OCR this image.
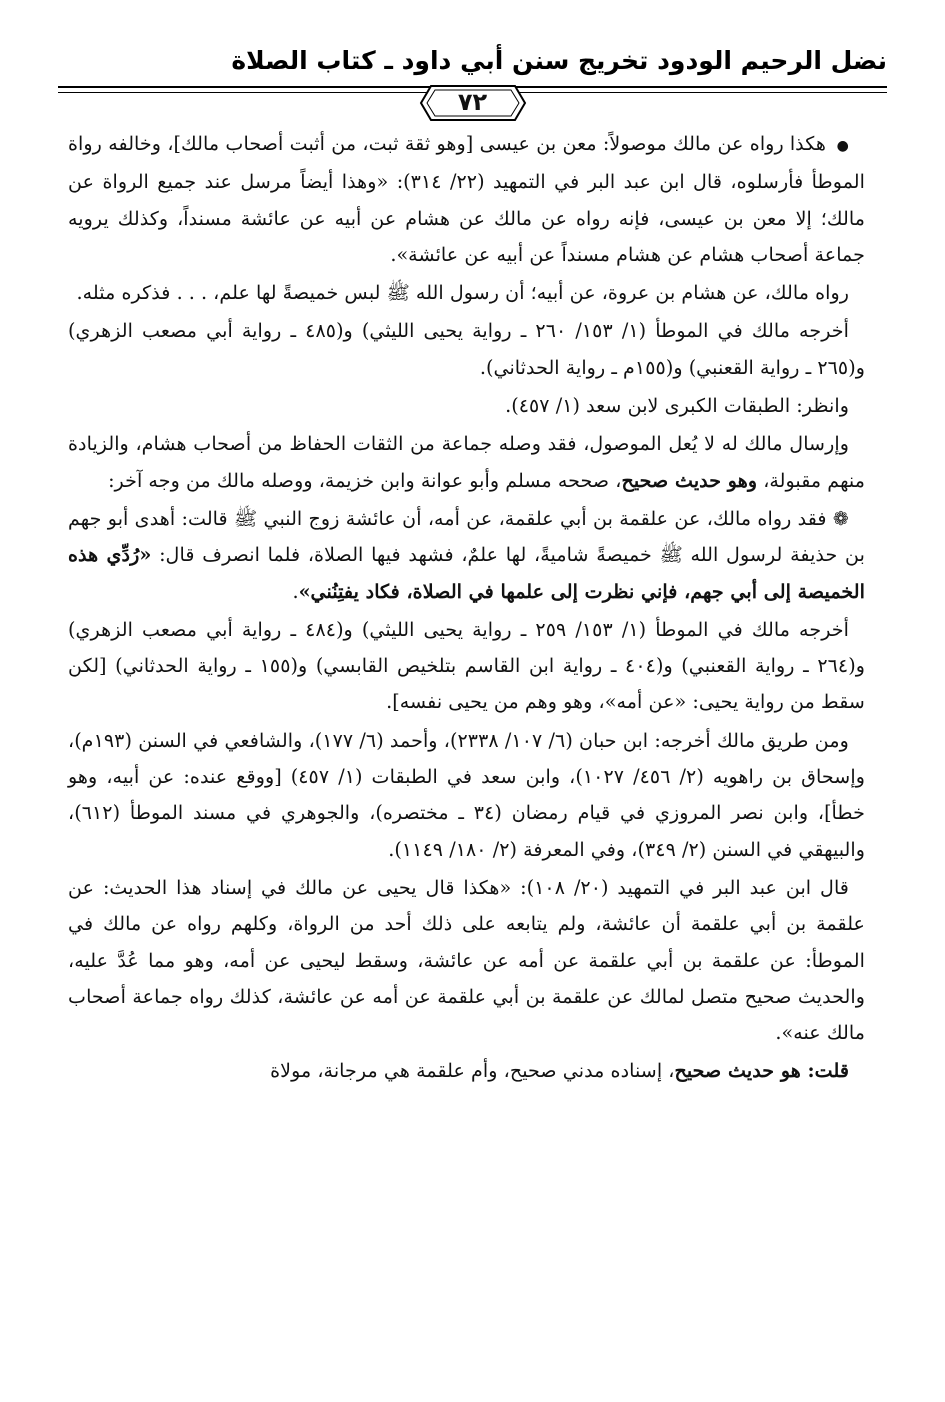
نضل الرحيم الودود تخريج سنن أبي داود ـ كتاب الصلاة
٧٢

● هكذا رواه عن مالك موصولاً: معن بن عيسى [وهو ثقة ثبت، من أثبت أصحاب مالك]، وخالفه رواة الموطأ فأرسلوه، قال ابن عبد البر في التمهيد (٢٢/ ٣١٤): «وهذا أيضاً مرسل عند جميع الرواة عن مالك؛ إلا معن بن عيسى، فإنه رواه عن مالك عن هشام عن أبيه عن عائشة مسنداً، وكذلك يرويه جماعة أصحاب هشام عن هشام مسنداً عن أبيه عن عائشة».

رواه مالك، عن هشام بن عروة، عن أبيه؛ أن رسول الله ﷺ لبس خميصةً لها علم، . . . فذكره مثله.

أخرجه مالك في الموطأ (١/ ١٥٣/ ٢٦٠ ـ رواية يحيى الليثي) و(٤٨٥ ـ رواية أبي مصعب الزهري) و(٢٦٥ ـ رواية القعنبي) و(١٥٥م ـ رواية الحدثاني).

وانظر: الطبقات الكبرى لابن سعد (١/ ٤٥٧).

وإرسال مالك له لا يُعل الموصول، فقد وصله جماعة من الثقات الحفاظ من أصحاب هشام، والزيادة منهم مقبولة، وهو حديث صحيح، صححه مسلم وأبو عوانة وابن خزيمة، ووصله مالك من وجه آخر:

❁ فقد رواه مالك، عن علقمة بن أبي علقمة، عن أمه، أن عائشة زوج النبي ﷺ قالت: أهدى أبو جهم بن حذيفة لرسول الله ﷺ خميصةً شاميةً، لها علمٌ، فشهد فيها الصلاة، فلما انصرف قال: «رُدِّي هذه الخميصة إلى أبي جهم، فإني نظرت إلى علمها في الصلاة، فكاد يفتِنُني».

أخرجه مالك في الموطأ (١/ ١٥٣/ ٢٥٩ ـ رواية يحيى الليثي) و(٤٨٤ ـ رواية أبي مصعب الزهري) و(٢٦٤ ـ رواية القعنبي) و(٤٠٤ ـ رواية ابن القاسم بتلخيص القابسي) و(١٥٥ ـ رواية الحدثاني) [لكن سقط من رواية يحيى: «عن أمه»، وهو وهم من يحيى نفسه].

ومن طريق مالك أخرجه: ابن حبان (٦/ ١٠٧/ ٢٣٣٨)، وأحمد (٦/ ١٧٧)، والشافعي في السنن (١٩٣م)، وإسحاق بن راهويه (٢/ ٤٥٦/ ١٠٢٧)، وابن سعد في الطبقات (١/ ٤٥٧) [ووقع عنده: عن أبيه، وهو خطأ]، وابن نصر المروزي في قيام رمضان (٣٤ ـ مختصره)، والجوهري في مسند الموطأ (٦١٢)، والبيهقي في السنن (٢/ ٣٤٩)، وفي المعرفة (٢/ ١٨٠/ ١١٤٩).

قال ابن عبد البر في التمهيد (٢٠/ ١٠٨): «هكذا قال يحيى عن مالك في إسناد هذا الحديث: عن علقمة بن أبي علقمة أن عائشة، ولم يتابعه على ذلك أحد من الرواة، وكلهم رواه عن مالك في الموطأ: عن علقمة بن أبي علقمة عن أمه عن عائشة، وسقط ليحيى عن أمه، وهو مما عُدَّ عليه، والحديث صحيح متصل لمالك عن علقمة بن أبي علقمة عن أمه عن عائشة، كذلك رواه جماعة أصحاب مالك عنه».

قلت: هو حديث صحيح، إسناده مدني صحيح، وأم علقمة هي مرجانة، مولاة
